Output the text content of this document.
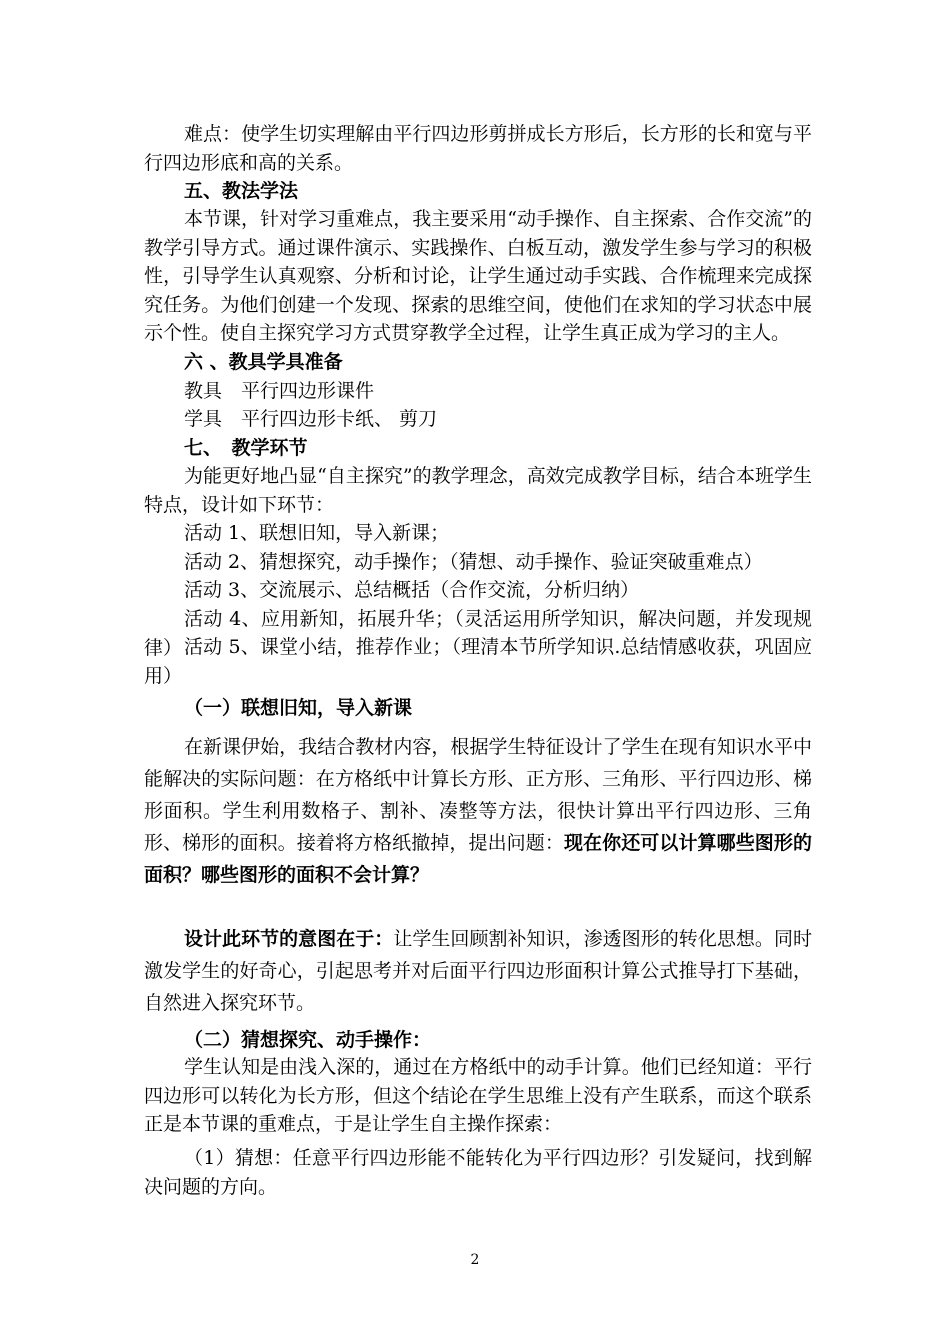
难点：使学生切实理解由平行四边形剪拼成长方形后，长方形的长和宽与平行四边形底和高的关系。

五、教法学法

本节课，针对学习重难点，我主要采用“动手操作、自主探索、合作交流”的教学引导方式。通过课件演示、实践操作、白板互动，激发学生参与学习的积极性，引导学生认真观察、分析和讨论，让学生通过动手实践、合作梳理来完成探究任务。为他们创建一个发现、探索的思维空间，使他们在求知的学习状态中展示个性。使自主探究学习方式贯穿教学全过程，让学生真正成为学习的主人。

六 、教具学具准备

教具　平行四边形课件

学具　平行四边形卡纸、 剪刀

七、　教学环节

为能更好地凸显“自主探究”的教学理念，高效完成教学目标，结合本班学生特点，设计如下环节：

活动 1、联想旧知，导入新课；

活动 2、猜想探究，动手操作；（猜想、动手操作、验证突破重难点）

活动 3、交流展示、总结概括（合作交流，分析归纳）

活动 4、应用新知，拓展升华；（灵活运用所学知识，解决问题，并发现规律） 活动 5、课堂小结，推荐作业；（理清本节所学知识.总结情感收获，巩固应用）

（一）联想旧知，导入新课

在新课伊始，我结合教材内容，根据学生特征设计了学生在现有知识水平中能解决的实际问题：在方格纸中计算长方形、正方形、三角形、平行四边形、梯形面积。学生利用数格子、割补、凑整等方法，很快计算出平行四边形、三角形、梯形的面积。接着将方格纸撤掉，提出问题：现在你还可以计算哪些图形的面积？哪些图形的面积不会计算？

设计此环节的意图在于：让学生回顾割补知识，渗透图形的转化思想。同时激发学生的好奇心，引起思考并对后面平行四边形面积计算公式推导打下基础，自然进入探究环节。

（二）猜想探究、动手操作：

学生认知是由浅入深的，通过在方格纸中的动手计算。他们已经知道：平行四边形可以转化为长方形，但这个结论在学生思维上没有产生联系，而这个联系正是本节课的重难点，于是让学生自主操作探索：

（1）猜想：任意平行四边形能不能转化为平行四边形？引发疑问，找到解决问题的方向。

2
